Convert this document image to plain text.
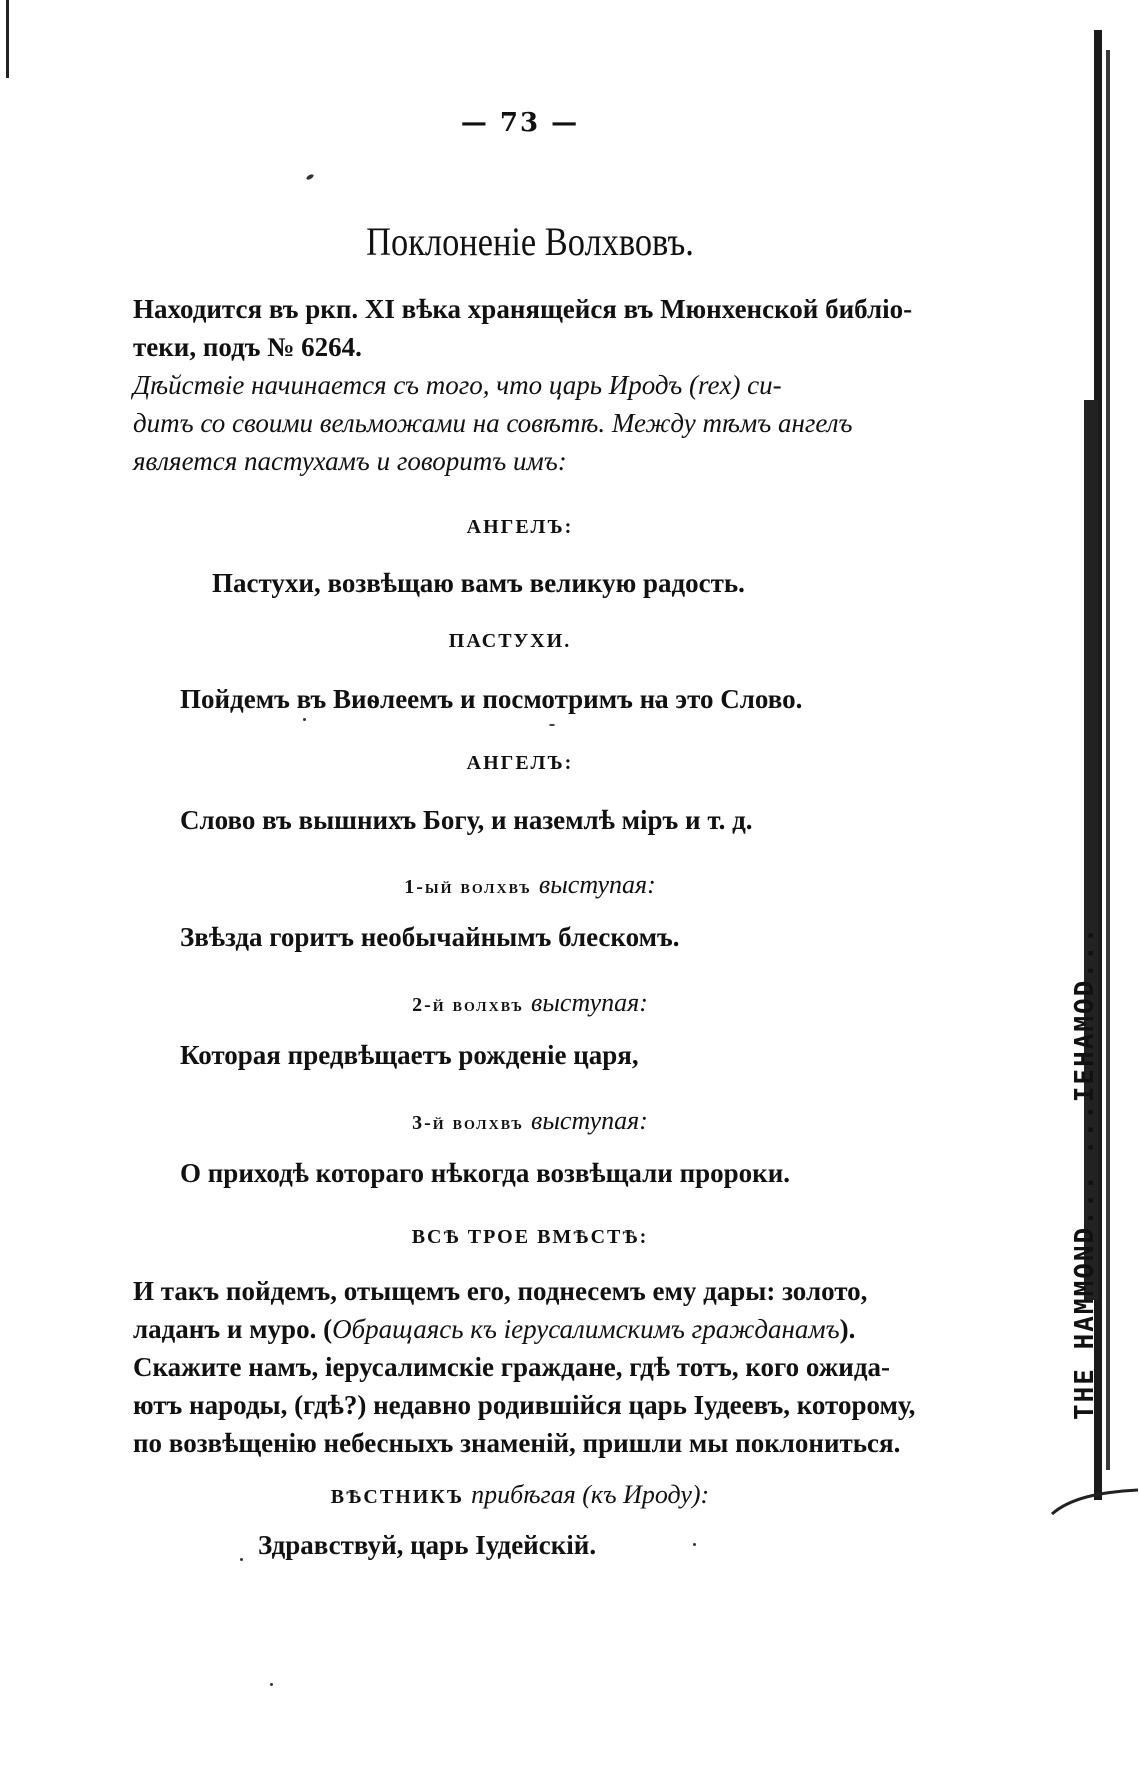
THE HAMMOND... ...IEHAMOD...
— 73 —
Поклоненіе Волхвовъ.
Находится въ ркп. XI вѣка хранящейся въ Мюнхенской библіо-
теки, подъ № 6264.
Дѣйствіе начинается съ того, что царь Иродъ (rex) си-
дитъ со своими вельможами на совѣтѣ. Между тѣмъ ангелъ
является пастухамъ и говоритъ имъ:
АНГЕЛЪ:
Пастухи, возвѣщаю вамъ великую радость.
ПАСТУХИ.
Пойдемъ въ Виѳлеемъ и посмотримъ на это Слово.
АНГЕЛЪ:
Слово въ вышнихъ Богу, и наземлѣ міръ и т. д.
1-ый волхвъ выступая:
Звѣзда горитъ необычайнымъ блескомъ.
2-й волхвъ выступая:
Которая предвѣщаетъ рожденіе царя,
3-й волхвъ выступая:
О приходѣ котораго нѣкогда возвѣщали пророки.
ВСѢ ТРОЕ ВМѢСТѢ:
И такъ пойдемъ, отыщемъ его, поднесемъ ему дары: золото,
ладанъ и мурo. (Обращаясь къ іерусалимскимъ гражданамъ).
Скажите намъ, іерусалимскіе граждане, гдѣ тотъ, кого ожида-
ютъ народы, (гдѣ?) недавно родившійся царь Іудеевъ, которому,
по возвѣщенію небесныхъ знаменій, пришли мы поклониться.
ВѢСТНИКЪ прибѣгая (къ Ироду):
Здравствуй, царь Іудейскій.
